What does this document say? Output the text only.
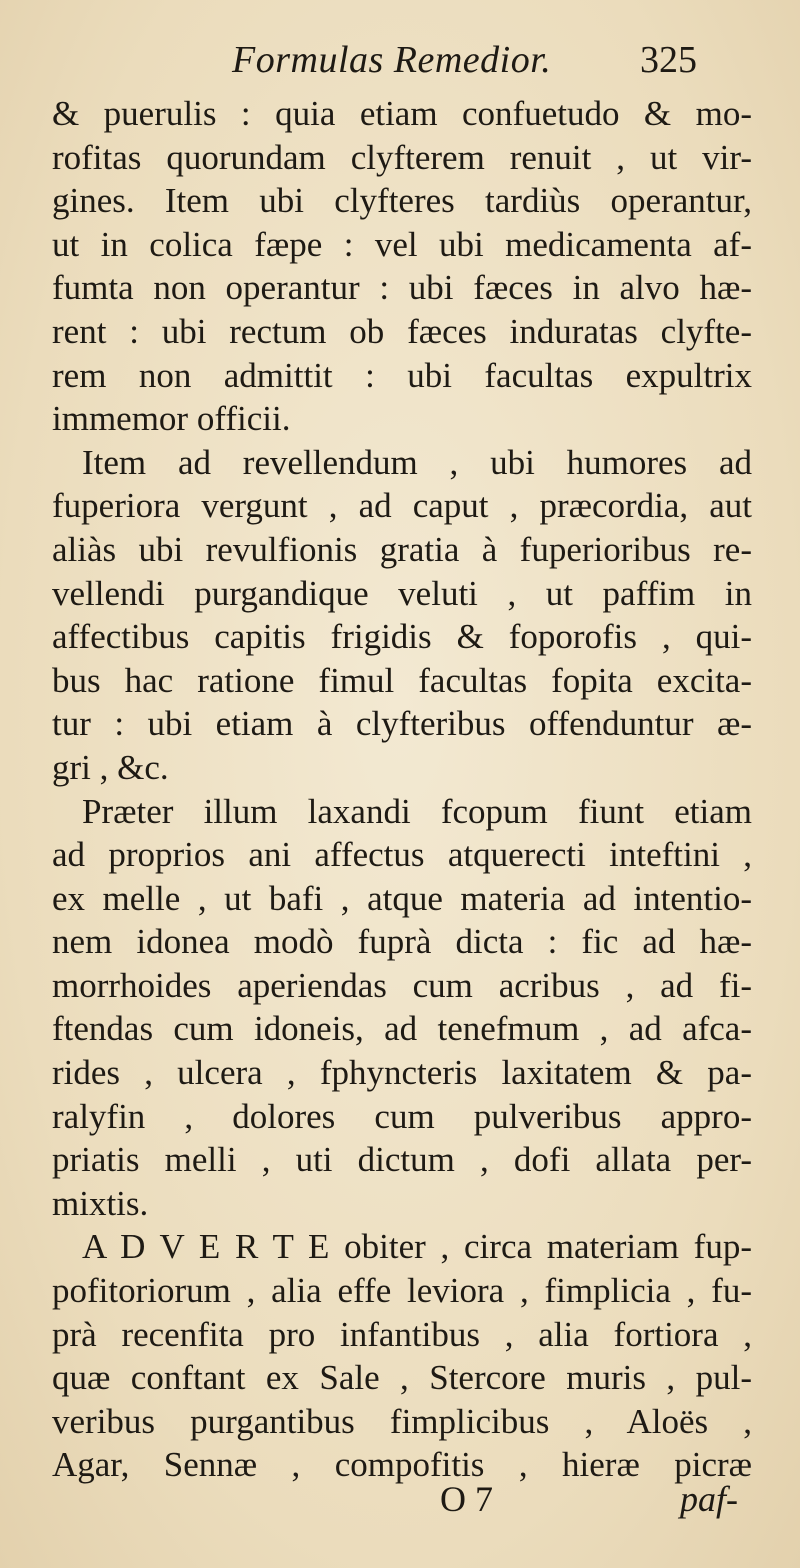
Formulas Remedior. 325
& puerulis : quia etiam confuetudo & mo-
rofitas quorundam clyfterem renuit , ut vir-
gines. Item ubi clyfteres tardiùs operantur,
ut in colica fæpe : vel ubi medicamenta af-
fumta non operantur : ubi fæces in alvo hæ-
rent : ubi rectum ob fæces induratas clyfte-
rem non admittit : ubi facultas expultrix
immemor officii.
Item ad revellendum , ubi humores ad
fuperiora vergunt , ad caput , præcordia, aut
aliàs ubi revulfionis gratia à fuperioribus re-
vellendi purgandique veluti , ut paffim in
affectibus capitis frigidis & foporofis , qui-
bus hac ratione fimul facultas fopita excita-
tur : ubi etiam à clyfteribus offenduntur æ-
gri , &c.
Præter illum laxandi fcopum fiunt etiam
ad proprios ani affectus atquerecti inteftini ,
ex melle , ut bafi , atque materia ad intentio-
nem idonea modò fuprà dicta : fic ad hæ-
morrhoides aperiendas cum acribus , ad fi-
ftendas cum idoneis, ad tenefmum , ad afca-
rides , ulcera , fphyncteris laxitatem & pa-
ralyfin , dolores cum pulveribus appro-
priatis melli , uti dictum , dofi allata per-
mixtis.
A D V E R T E obiter , circa materiam fup-
pofitoriorum , alia effe leviora , fimplicia , fu-
prà recenfita pro infantibus , alia fortiora ,
quæ conftant ex Sale , Stercore muris , pul-
veribus purgantibus fimplicibus , Aloës ,
Agar, Sennæ , compofitis , hieræ picræ
O 7	paf-
